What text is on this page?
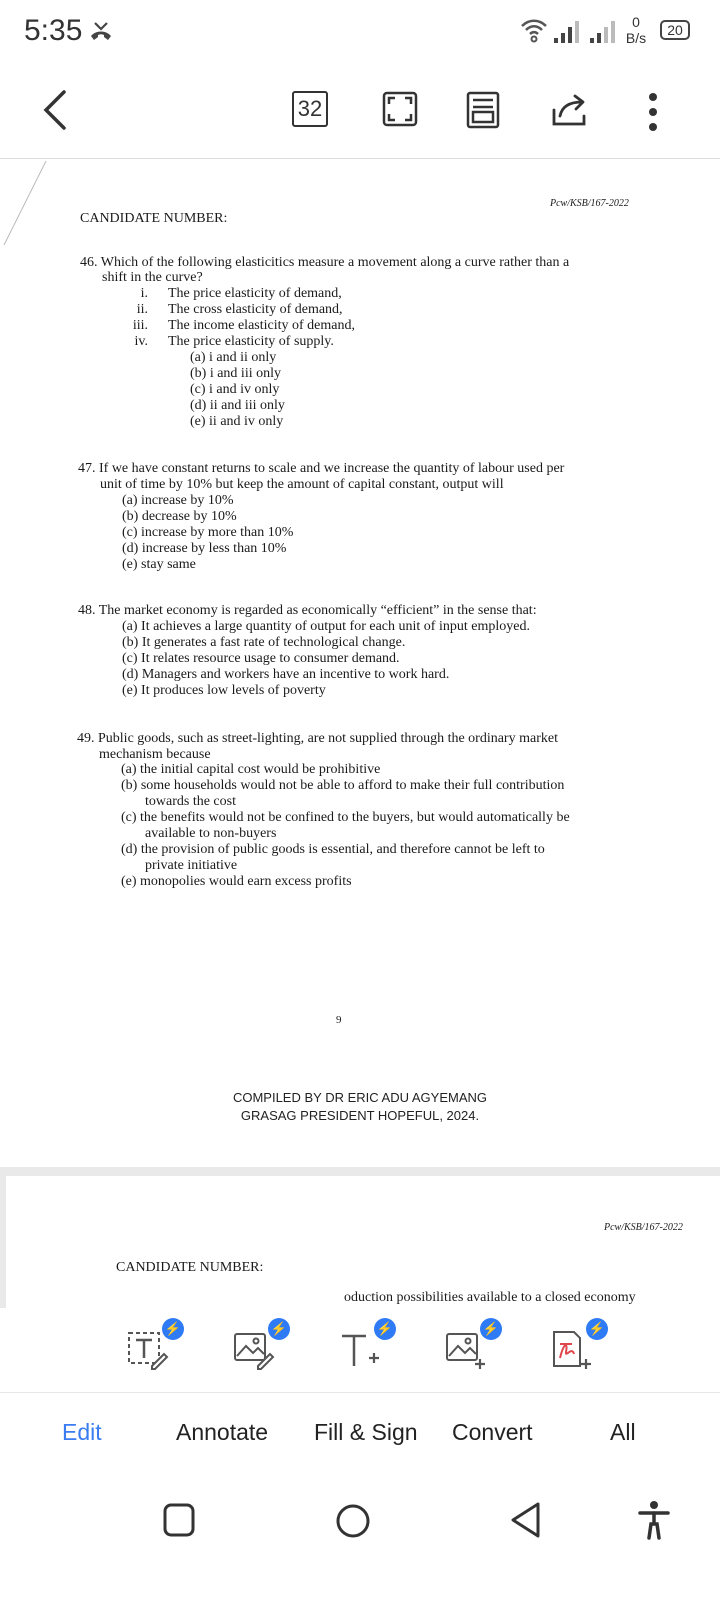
5:35	0
B/s	20
32
Pcw/KSB/167-2022
CANDIDATE NUMBER:
46. Which of the following elasticitics measure a movement along a curve rather than a
shift in the curve?
i. The price elasticity of demand,
ii. The cross elasticity of demand,
iii. The income elasticity of demand,
iv. The price elasticity of supply.
(a) i and ii only
(b) i and iii only
(c) i and iv only
(d) ii and iii only
(e) ii and iv only
47. If we have constant returns to scale and we increase the quantity of labour used per
unit of time by 10% but keep the amount of capital constant, output will
(a) increase by 10%
(b) decrease by 10%
(c) increase by more than 10%
(d) increase by less than 10%
(e) stay same
48. The market economy is regarded as economically “efficient” in the sense that:
(a) It achieves a large quantity of output for each unit of input employed.
(b) It generates a fast rate of technological change.
(c) It relates resource usage to consumer demand.
(d) Managers and workers have an incentive to work hard.
(e) It produces low levels of poverty
49. Public goods, such as street-lighting, are not supplied through the ordinary market
mechanism because
(a) the initial capital cost would be prohibitive
(b) some households would not be able to afford to make their full contribution
towards the cost
(c) the benefits would not be confined to the buyers, but would automatically be
available to non-buyers
(d) the provision of public goods is essential, and therefore cannot be left to
private initiative
(e) monopolies would earn excess profits
9
COMPILED BY DR ERIC ADU AGYEMANG
GRASAG PRESIDENT HOPEFUL, 2024.
Pcw/KSB/167-2022
CANDIDATE NUMBER:
oduction possibilities available to a closed economy
⚡	⚡	⚡	⚡	⚡
Edit	Annotate Fill & Sign Convert	All
